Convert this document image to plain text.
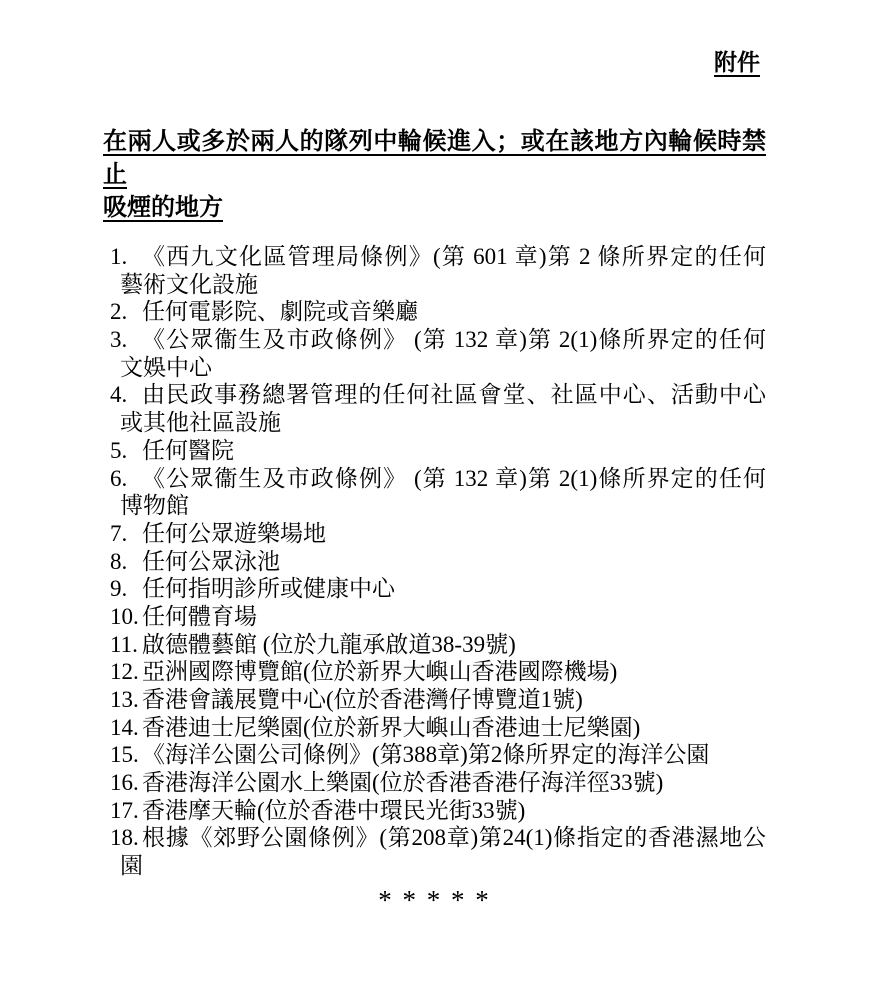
附件
在兩人或多於兩人的隊列中輪候進入；或在該地方內輪候時禁止
吸煙的地方
1. 《西九文化區管理局條例》(第 601 章)第 2 條所界定的任何
藝術文化設施
2. 任何電影院、劇院或音樂廳
3. 《公眾衞生及市政條例》 (第 132 章)第 2(1)條所界定的任何
文娛中心
4. 由民政事務總署管理的任何社區會堂、社區中心、活動中心
或其他社區設施
5. 任何醫院
6. 《公眾衞生及市政條例》 (第 132 章)第 2(1)條所界定的任何
博物館
7. 任何公眾遊樂場地
8. 任何公眾泳池
9. 任何指明診所或健康中心
10. 任何體育場
11. 啟德體藝館 (位於九龍承啟道38-39號)
12. 亞洲國際博覽館(位於新界大嶼山香港國際機場)
13. 香港會議展覽中心(位於香港灣仔博覽道1號)
14. 香港迪士尼樂園(位於新界大嶼山香港迪士尼樂園)
15. 《海洋公園公司條例》(第388章)第2條所界定的海洋公園
16. 香港海洋公園水上樂園(位於香港香港仔海洋徑33號)
17. 香港摩天輪(位於香港中環民光街33號)
18. 根據《郊野公園條例》(第208章)第24(1)條指定的香港濕地公
園
* * * * *
